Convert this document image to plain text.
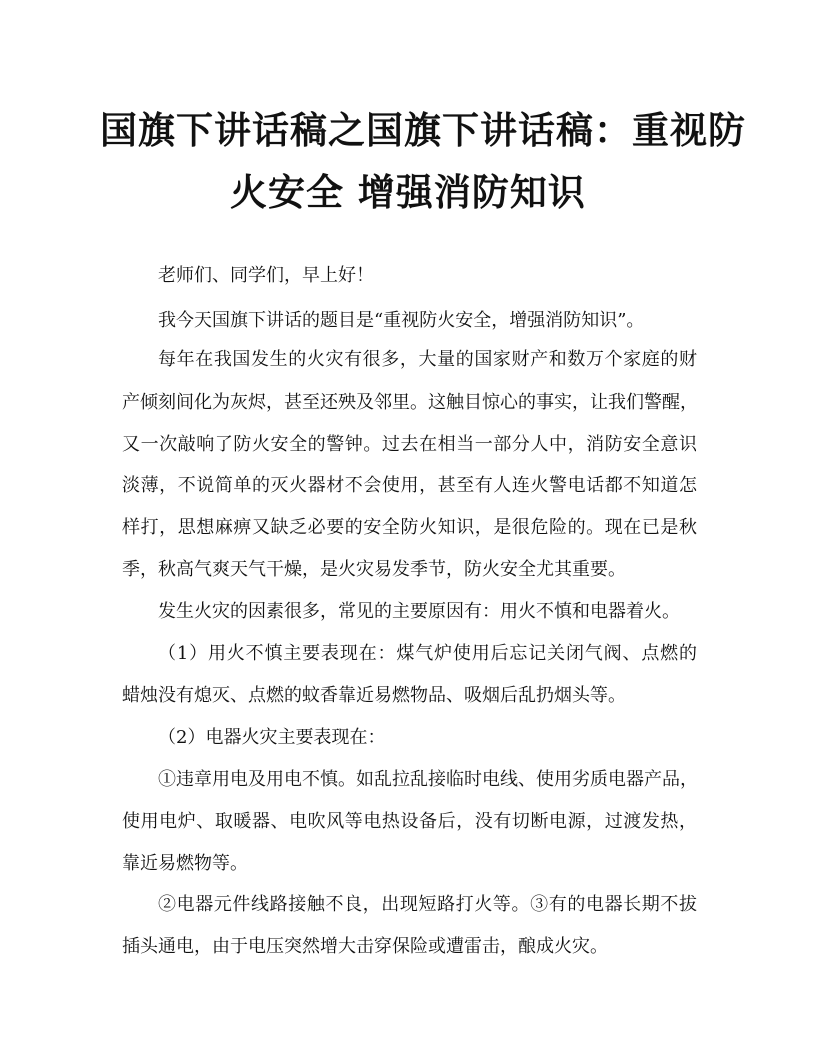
国旗下讲话稿之国旗下讲话稿：重视防
火安全 增强消防知识
老师们、同学们，早上好！
我今天国旗下讲话的题目是“重视防火安全，增强消防知识”。
每年在我国发生的火灾有很多，大量的国家财产和数万个家庭的财
产倾刻间化为灰烬，甚至还殃及邻里。这触目惊心的事实，让我们警醒，
又一次敲响了防火安全的警钟。过去在相当一部分人中，消防安全意识
淡薄，不说简单的灭火器材不会使用，甚至有人连火警电话都不知道怎
样打，思想麻痹又缺乏必要的安全防火知识，是很危险的。现在已是秋
季，秋高气爽天气干燥，是火灾易发季节，防火安全尤其重要。
发生火灾的因素很多，常见的主要原因有：用火不慎和电器着火。
（1）用火不慎主要表现在：煤气炉使用后忘记关闭气阀、点燃的
蜡烛没有熄灭、点燃的蚊香靠近易燃物品、吸烟后乱扔烟头等。
（2）电器火灾主要表现在：
①违章用电及用电不慎。如乱拉乱接临时电线、使用劣质电器产品，
使用电炉、取暖器、电吹风等电热设备后，没有切断电源，过渡发热，
靠近易燃物等。
②电器元件线路接触不良，出现短路打火等。③有的电器长期不拔
插头通电，由于电压突然增大击穿保险或遭雷击，酿成火灾。
